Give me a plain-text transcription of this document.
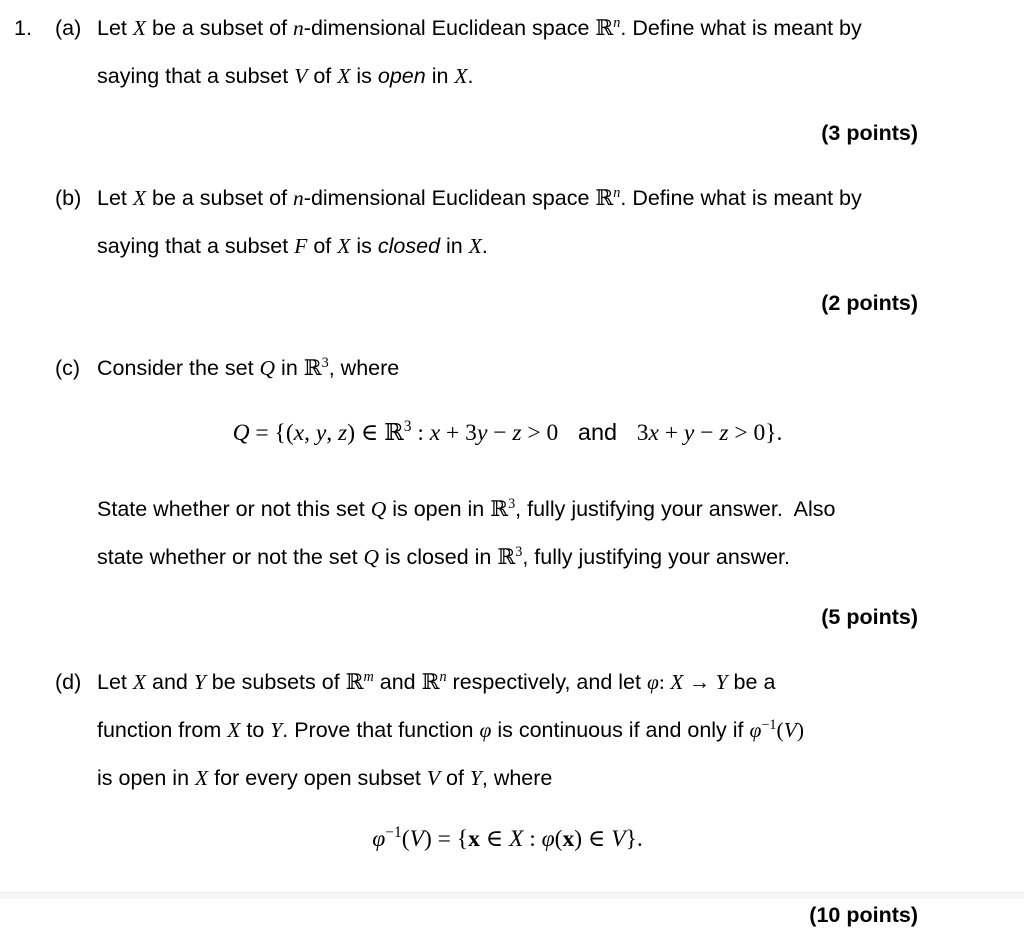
1.	(a) Let X be a subset of n-dimensional Euclidean space ℝ$^n$. Define what is meant by
saying that a subset V of X is open in X.
(3 points)
(b) Let X be a subset of n-dimensional Euclidean space ℝ$^n$. Define what is meant by
saying that a subset F of X is closed in X.
(2 points)
(c) Consider the set Q in ℝ$^3$, where
Q = {(x, y, z) ∈ ℝ$^3$ : x + 3y − z > 0   and   3x + y − z > 0}.
State whether or not this set Q is open in ℝ$^3$, fully justifying your answer.  Also
state whether or not the set Q is closed in ℝ$^3$, fully justifying your answer.
(5 points)
(d) Let X and Y be subsets of ℝ$^m$ and ℝ$^n$ respectively, and let φ: X → Y be a
function from X to Y. Prove that function φ is continuous if and only if $\varphi^{-1}(V)$
is open in X for every open subset V of Y, where
$\varphi^{-1}(V) = \{x$ ∈ X : φ(x) ∈ V}.
(10 points)
